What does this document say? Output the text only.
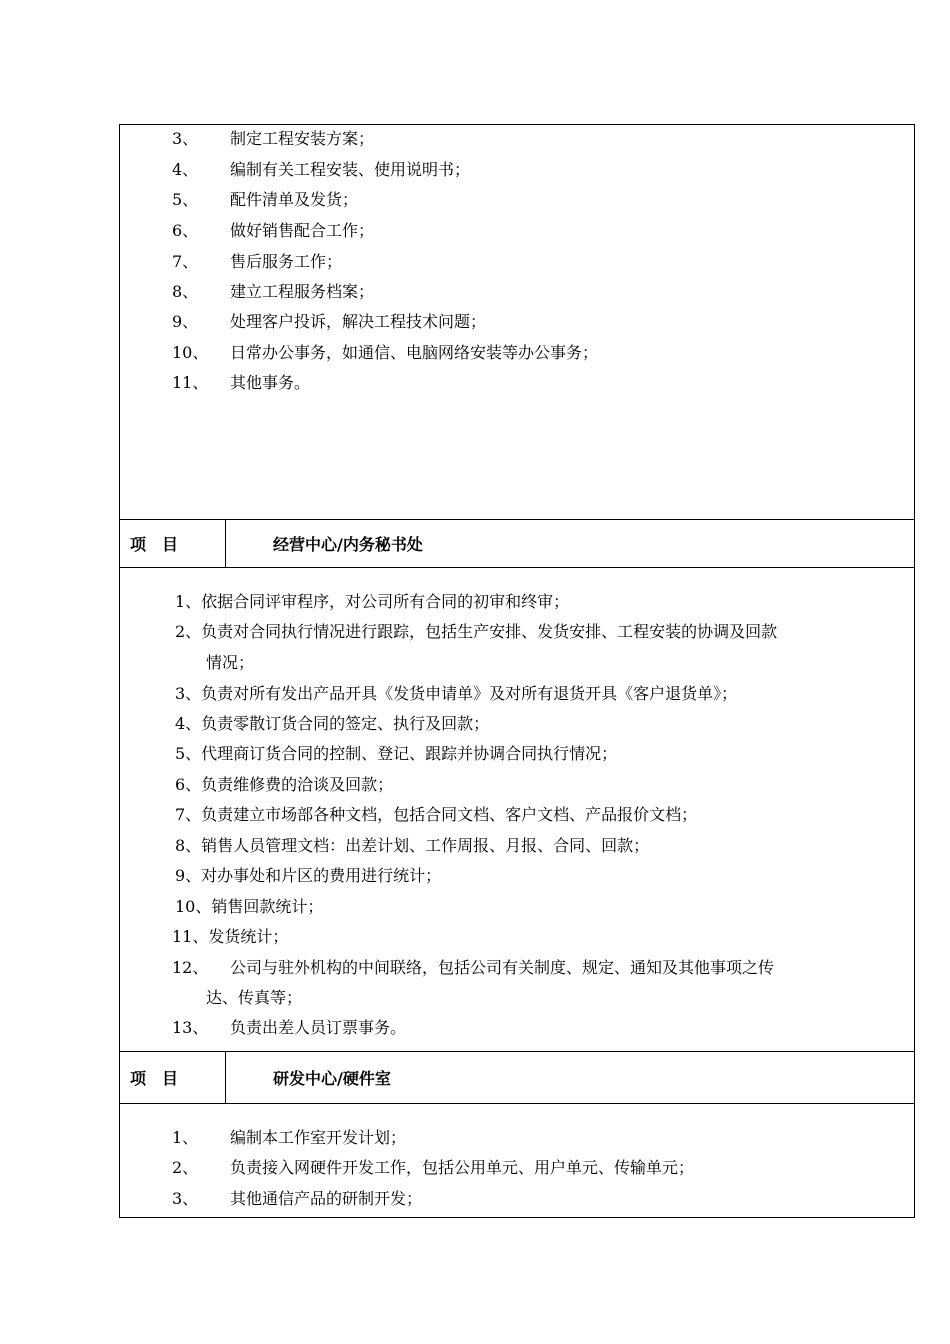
3、 制定工程安装方案；
4、 编制有关工程安装、使用说明书；
5、 配件清单及发货；
6、 做好销售配合工作；
7、 售后服务工作；
8、 建立工程服务档案；
9、 处理客户投诉，解决工程技术问题；
10、 日常办公事务，如通信、电脑网络安装等办公事务；
11、 其他事务。
项　目	经营中心/内务秘书处
1、依据合同评审程序，对公司所有合同的初审和终审；
2、负责对合同执行情况进行跟踪，包括生产安排、发货安排、工程安装的协调及回款
情况；
3、负责对所有发出产品开具《发货申请单》及对所有退货开具《客户退货单》；
4、负责零散订货合同的签定、执行及回款；
5、代理商订货合同的控制、登记、跟踪并协调合同执行情况；
6、负责维修费的洽谈及回款；
7、负责建立市场部各种文档，包括合同文档、客户文档、产品报价文档；
8、销售人员管理文档：出差计划、工作周报、月报、合同、回款；
9、对办事处和片区的费用进行统计；
10、销售回款统计；
11、发货统计；
12、 公司与驻外机构的中间联络，包括公司有关制度、规定、通知及其他事项之传
达、传真等；
13、 负责出差人员订票事务。
项　目	研发中心/硬件室
1、 编制本工作室开发计划；
2、 负责接入网硬件开发工作，包括公用单元、用户单元、传输单元；
3、 其他通信产品的研制开发；
